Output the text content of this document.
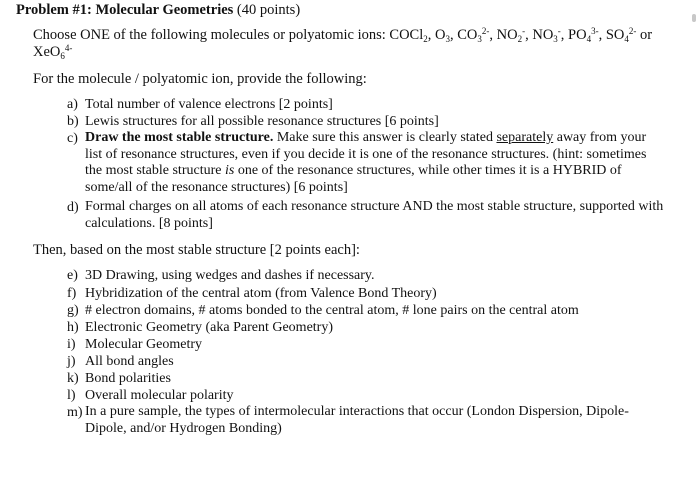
Problem #1: Molecular Geometries (40 points)
Choose ONE of the following molecules or polyatomic ions: COCl$_2$, $O_3$, $CO_3^{2-}$, $NO_2^-$, $NO_3^-$, $PO_4^{3-}$, $SO_4^{2-}$ or
XeO$_6^{4-}$
For the molecule / polyatomic ion, provide the following:
a) Total number of valence electrons [2 points]
b) Lewis structures for all possible resonance structures [6 points]
c) Draw the most stable structure. Make sure this answer is clearly stated separately away from your list of resonance structures, even if you decide it is one of the resonance structures. (hint: sometimes the most stable structure is one of the resonance structures, while other times it is a HYBRID of some/all of the resonance structures) [6 points]
d) Formal charges on all atoms of each resonance structure AND the most stable structure, supported with calculations. [8 points]
Then, based on the most stable structure [2 points each]:
e) 3D Drawing, using wedges and dashes if necessary.
f) Hybridization of the central atom (from Valence Bond Theory)
g) # electron domains, # atoms bonded to the central atom, # lone pairs on the central atom
h) Electronic Geometry (aka Parent Geometry)
i) Molecular Geometry
j) All bond angles
k) Bond polarities
l) Overall molecular polarity
m) In a pure sample, the types of intermolecular interactions that occur (London Dispersion, Dipole-Dipole, and/or Hydrogen Bonding)
